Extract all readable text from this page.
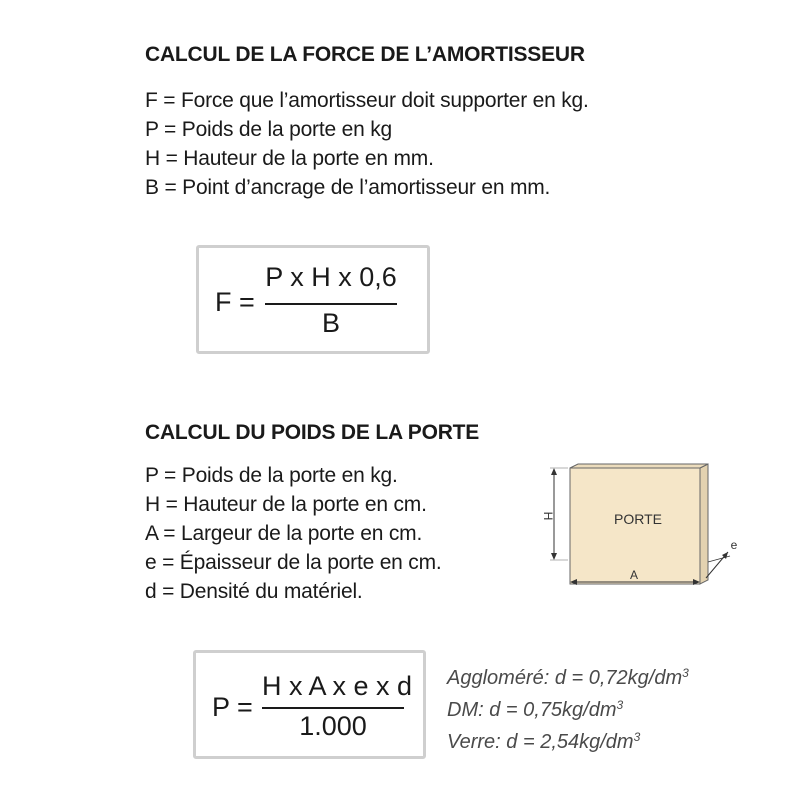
CALCUL DE LA FORCE DE L’AMORTISSEUR
F = Force que l’amortisseur doit supporter en kg.
P = Poids de la porte en kg
H = Hauteur de la porte en mm.
B = Point d’ancrage de l’amortisseur en mm.
F =
P x H x 0,6
B
CALCUL DU POIDS DE LA PORTE
P = Poids de la porte en kg.
H = Hauteur de la porte en cm.
A = Largeur de la porte en cm.
e = Épaisseur de la porte en cm.
d = Densité du matériel.
PORTE
H
A
e
P =
H x A x e x d
1.000
Aggloméré: $d = 0,72kg/dm^3$
DM: $d = 0,75kg/dm^3$
Verre: $d = 2,54kg/dm^3$
